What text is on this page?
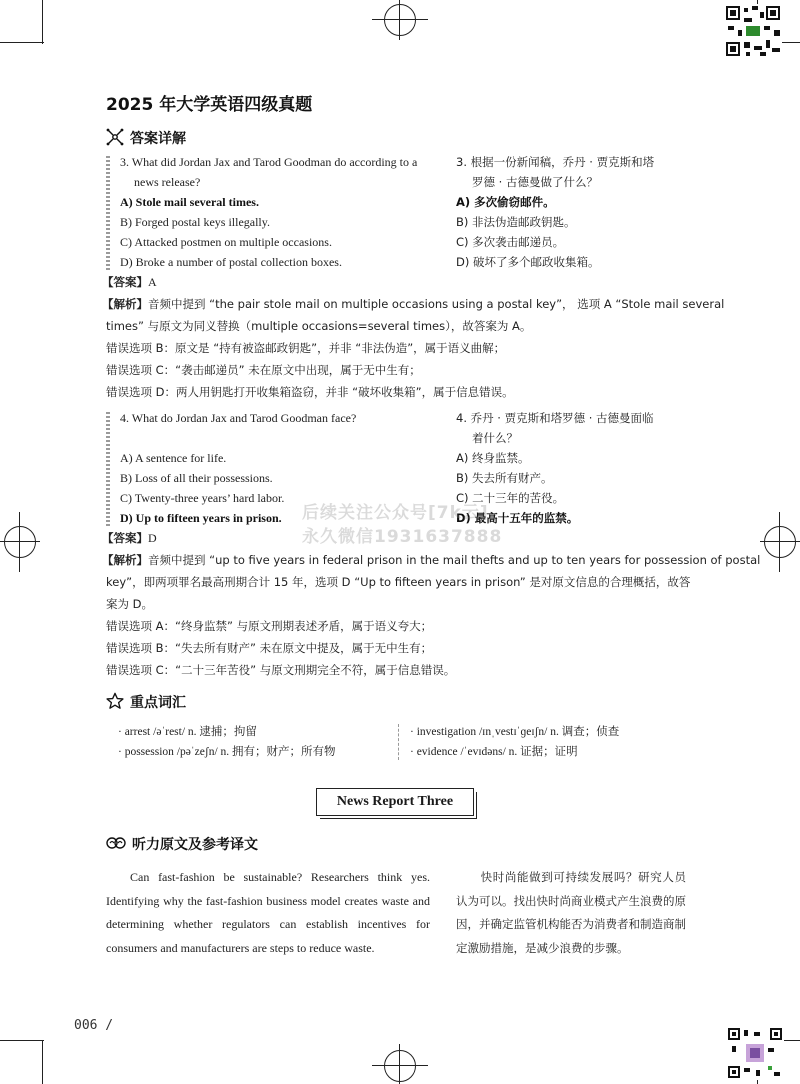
2025 年大学英语四级真题
答案详解
3. What did Jordan Jax and Tarod Goodman do according to a
news release?
A) Stole mail several times.
B) Forged postal keys illegally.
C) Attacked postmen on multiple occasions.
D) Broke a number of postal collection boxes.
3. 根据一份新闻稿，乔丹 · 贾克斯和塔
罗德 · 古德曼做了什么？
A) 多次偷窃邮件。
B) 非法伪造邮政钥匙。
C) 多次袭击邮递员。
D) 破坏了多个邮政收集箱。
【答案】A
【解析】音频中提到 “the pair stole mail on multiple occasions using a postal key”， 选项 A “Stole mail several
times” 与原文为同义替换（multiple occasions=several times），故答案为 A。
错误选项 B：原文是 “持有被盗邮政钥匙”，并非 “非法伪造”，属于语义曲解；
错误选项 C：“袭击邮递员” 未在原文中出现，属于无中生有；
错误选项 D：两人用钥匙打开收集箱盗窃，并非 “破坏收集箱”，属于信息错误。
4. What do Jordan Jax and Tarod Goodman face?
A) A sentence for life.
B) Loss of all their possessions.
C) Twenty-three years’ hard labor.
D) Up to fifteen years in prison.
4. 乔丹 · 贾克斯和塔罗德 · 古德曼面临
着什么？
A) 终身监禁。
B) 失去所有财产。
C) 二十三年的苦役。
D) 最高十五年的监禁。
【答案】D
【解析】音频中提到 “up to five years in federal prison in the mail thefts and up to ten years for possession of postal
key”，即两项罪名最高刑期合计 15 年，选项 D “Up to fifteen years in prison” 是对原文信息的合理概括，故答
案为 D。
错误选项 A：“终身监禁” 与原文刑期表述矛盾，属于语义夸大；
错误选项 B：“失去所有财产” 未在原文中提及，属于无中生有；
错误选项 C：“二十三年苦役” 与原文刑期完全不符，属于信息错误。
重点词汇
· arrest /əˈrest/ n. 逮捕；拘留	· investigation /ɪnˌvestɪˈɡeɪʃn/ n. 调查；侦查
· possession /pəˈzeʃn/ n. 拥有；财产；所有物	· evidence /ˈevɪdəns/ n. 证据；证明
News Report Three
听力原文及参考译文
Can fast-fashion be sustainable? Researchers think yes. Identifying why the fast-fashion business model creates waste and determining whether regulators can establish incentives for consumers and manufacturers are steps to reduce waste.
快时尚能做到可持续发展吗？研究人员认为可以。找出快时尚商业模式产生浪费的原因，并确定监管机构能否为消费者和制造商制定激励措施，是减少浪费的步骤。
后续关注公众号[7k云]
永久微信1931637888
006 /
